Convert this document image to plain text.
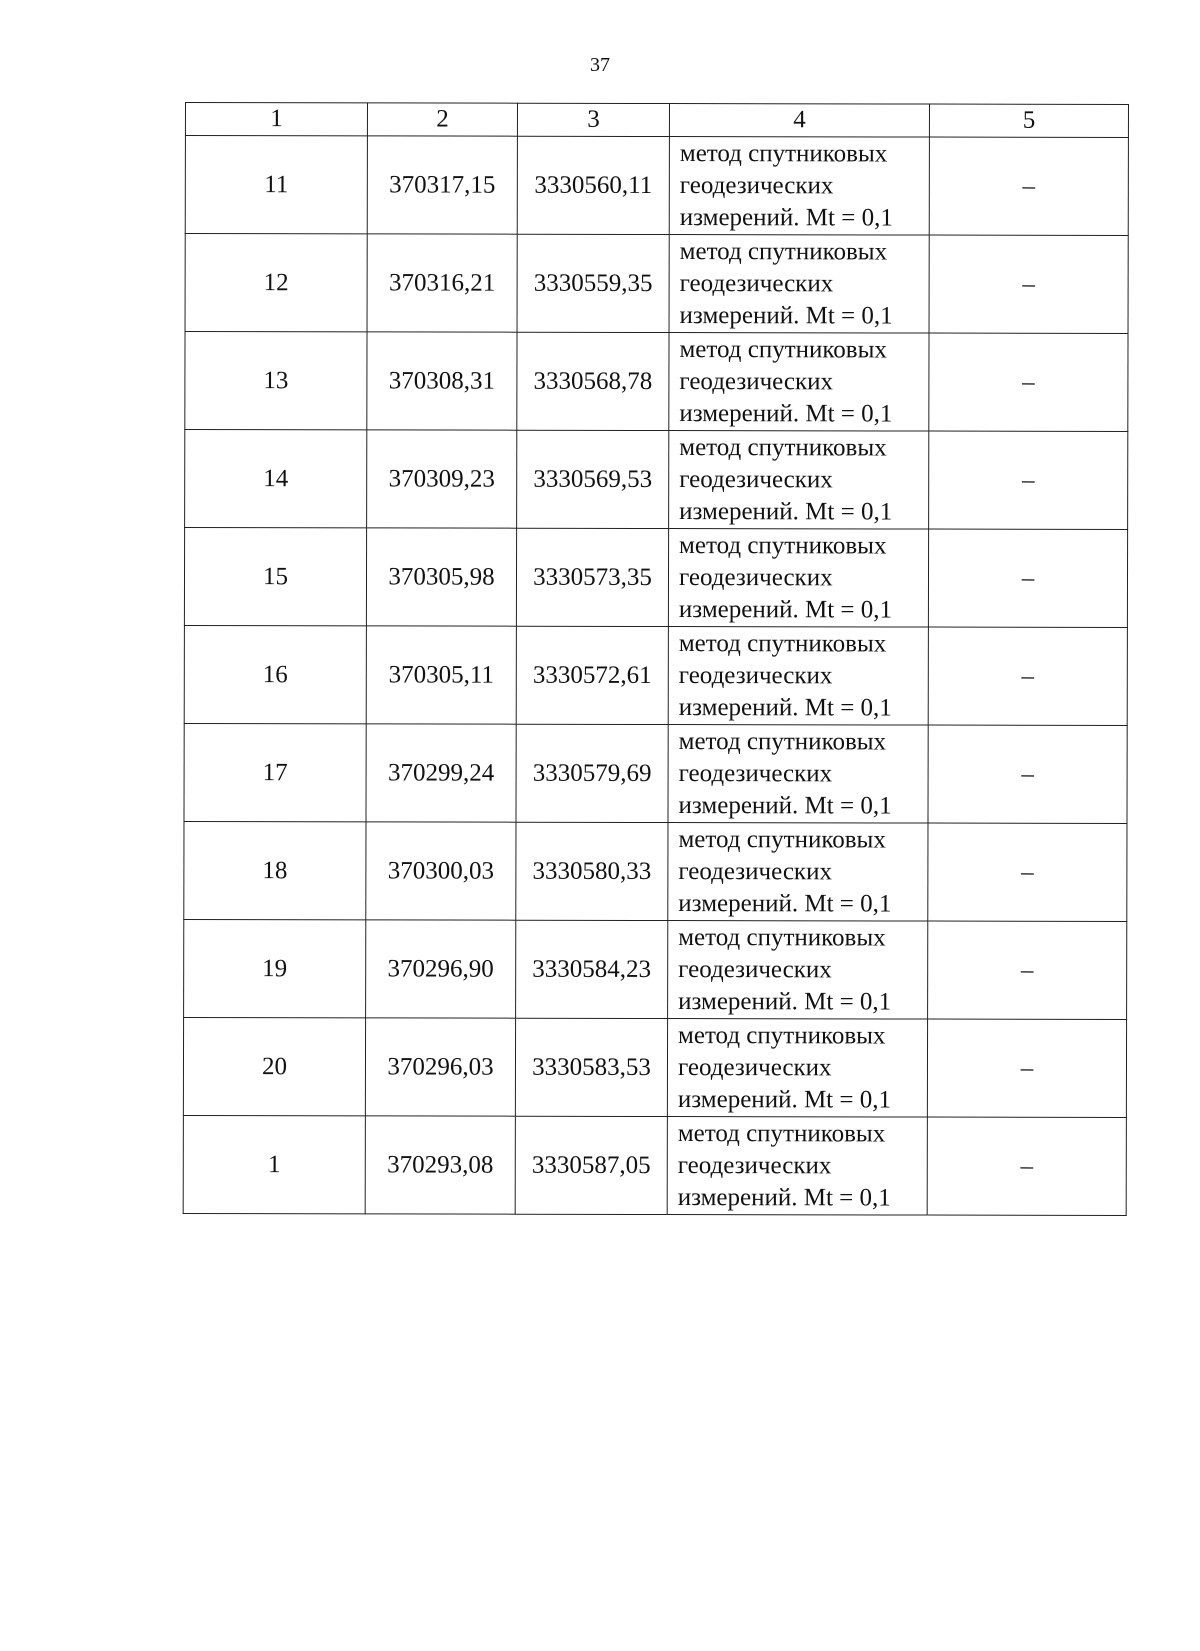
37
1	2	3	4	5
11	370317,15	3330560,11	метод спутниковых
геодезических
измерений. Mt = 0,1	–
12	370316,21	3330559,35	метод спутниковых
геодезических
измерений. Mt = 0,1	–
13	370308,31	3330568,78	метод спутниковых
геодезических
измерений. Mt = 0,1	–
14	370309,23	3330569,53	метод спутниковых
геодезических
измерений. Mt = 0,1	–
15	370305,98	3330573,35	метод спутниковых
геодезических
измерений. Mt = 0,1	–
16	370305,11	3330572,61	метод спутниковых
геодезических
измерений. Mt = 0,1	–
17	370299,24	3330579,69	метод спутниковых
геодезических
измерений. Mt = 0,1	–
18	370300,03	3330580,33	метод спутниковых
геодезических
измерений. Mt = 0,1	–
19	370296,90	3330584,23	метод спутниковых
геодезических
измерений. Mt = 0,1	–
20	370296,03	3330583,53	метод спутниковых
геодезических
измерений. Mt = 0,1	–
1	370293,08	3330587,05	метод спутниковых
геодезических
измерений. Mt = 0,1	–
